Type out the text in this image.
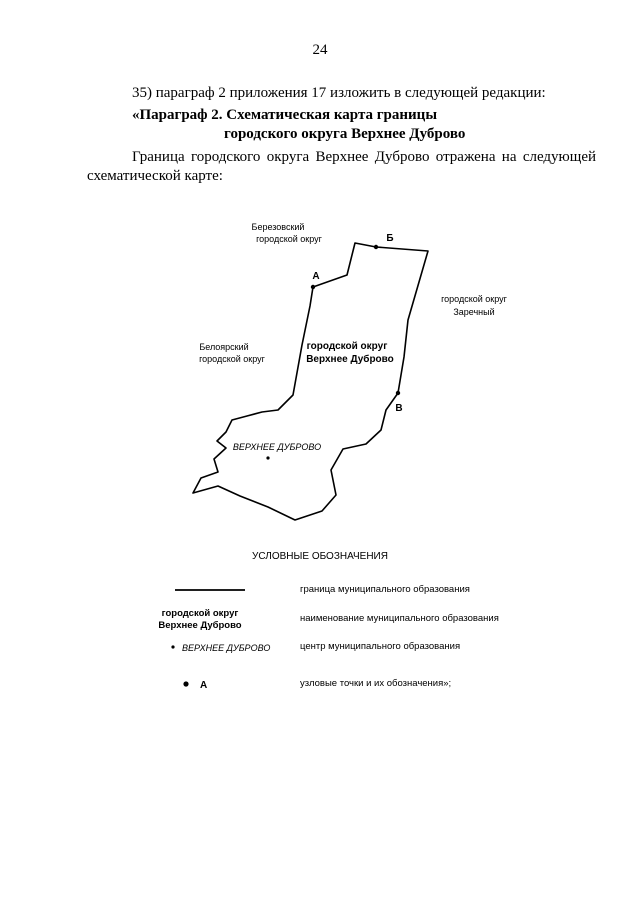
24
35) параграф 2 приложения 17 изложить в следующей редакции:
«Параграф 2. Схематическая карта границы
городского округа Верхнее Дуброво
Граница городского округа Верхнее Дуброво отражена на следующей
схематической карте:
Березовский
городской округ
городской округ
Заречный
Белоярский
городской округ
городской округ
Верхнее Дуброво
ВЕРХНЕЕ ДУБРОВО
А
Б
В
ВЕРХНЕЕ ДУБРОВО
А
УСЛОВНЫЕ ОБОЗНАЧЕНИЯ
граница муниципального образования
городской округ
Верхнее Дуброво
наименование муниципального образования
центр муниципального образования
узловые точки и их обозначения»;
